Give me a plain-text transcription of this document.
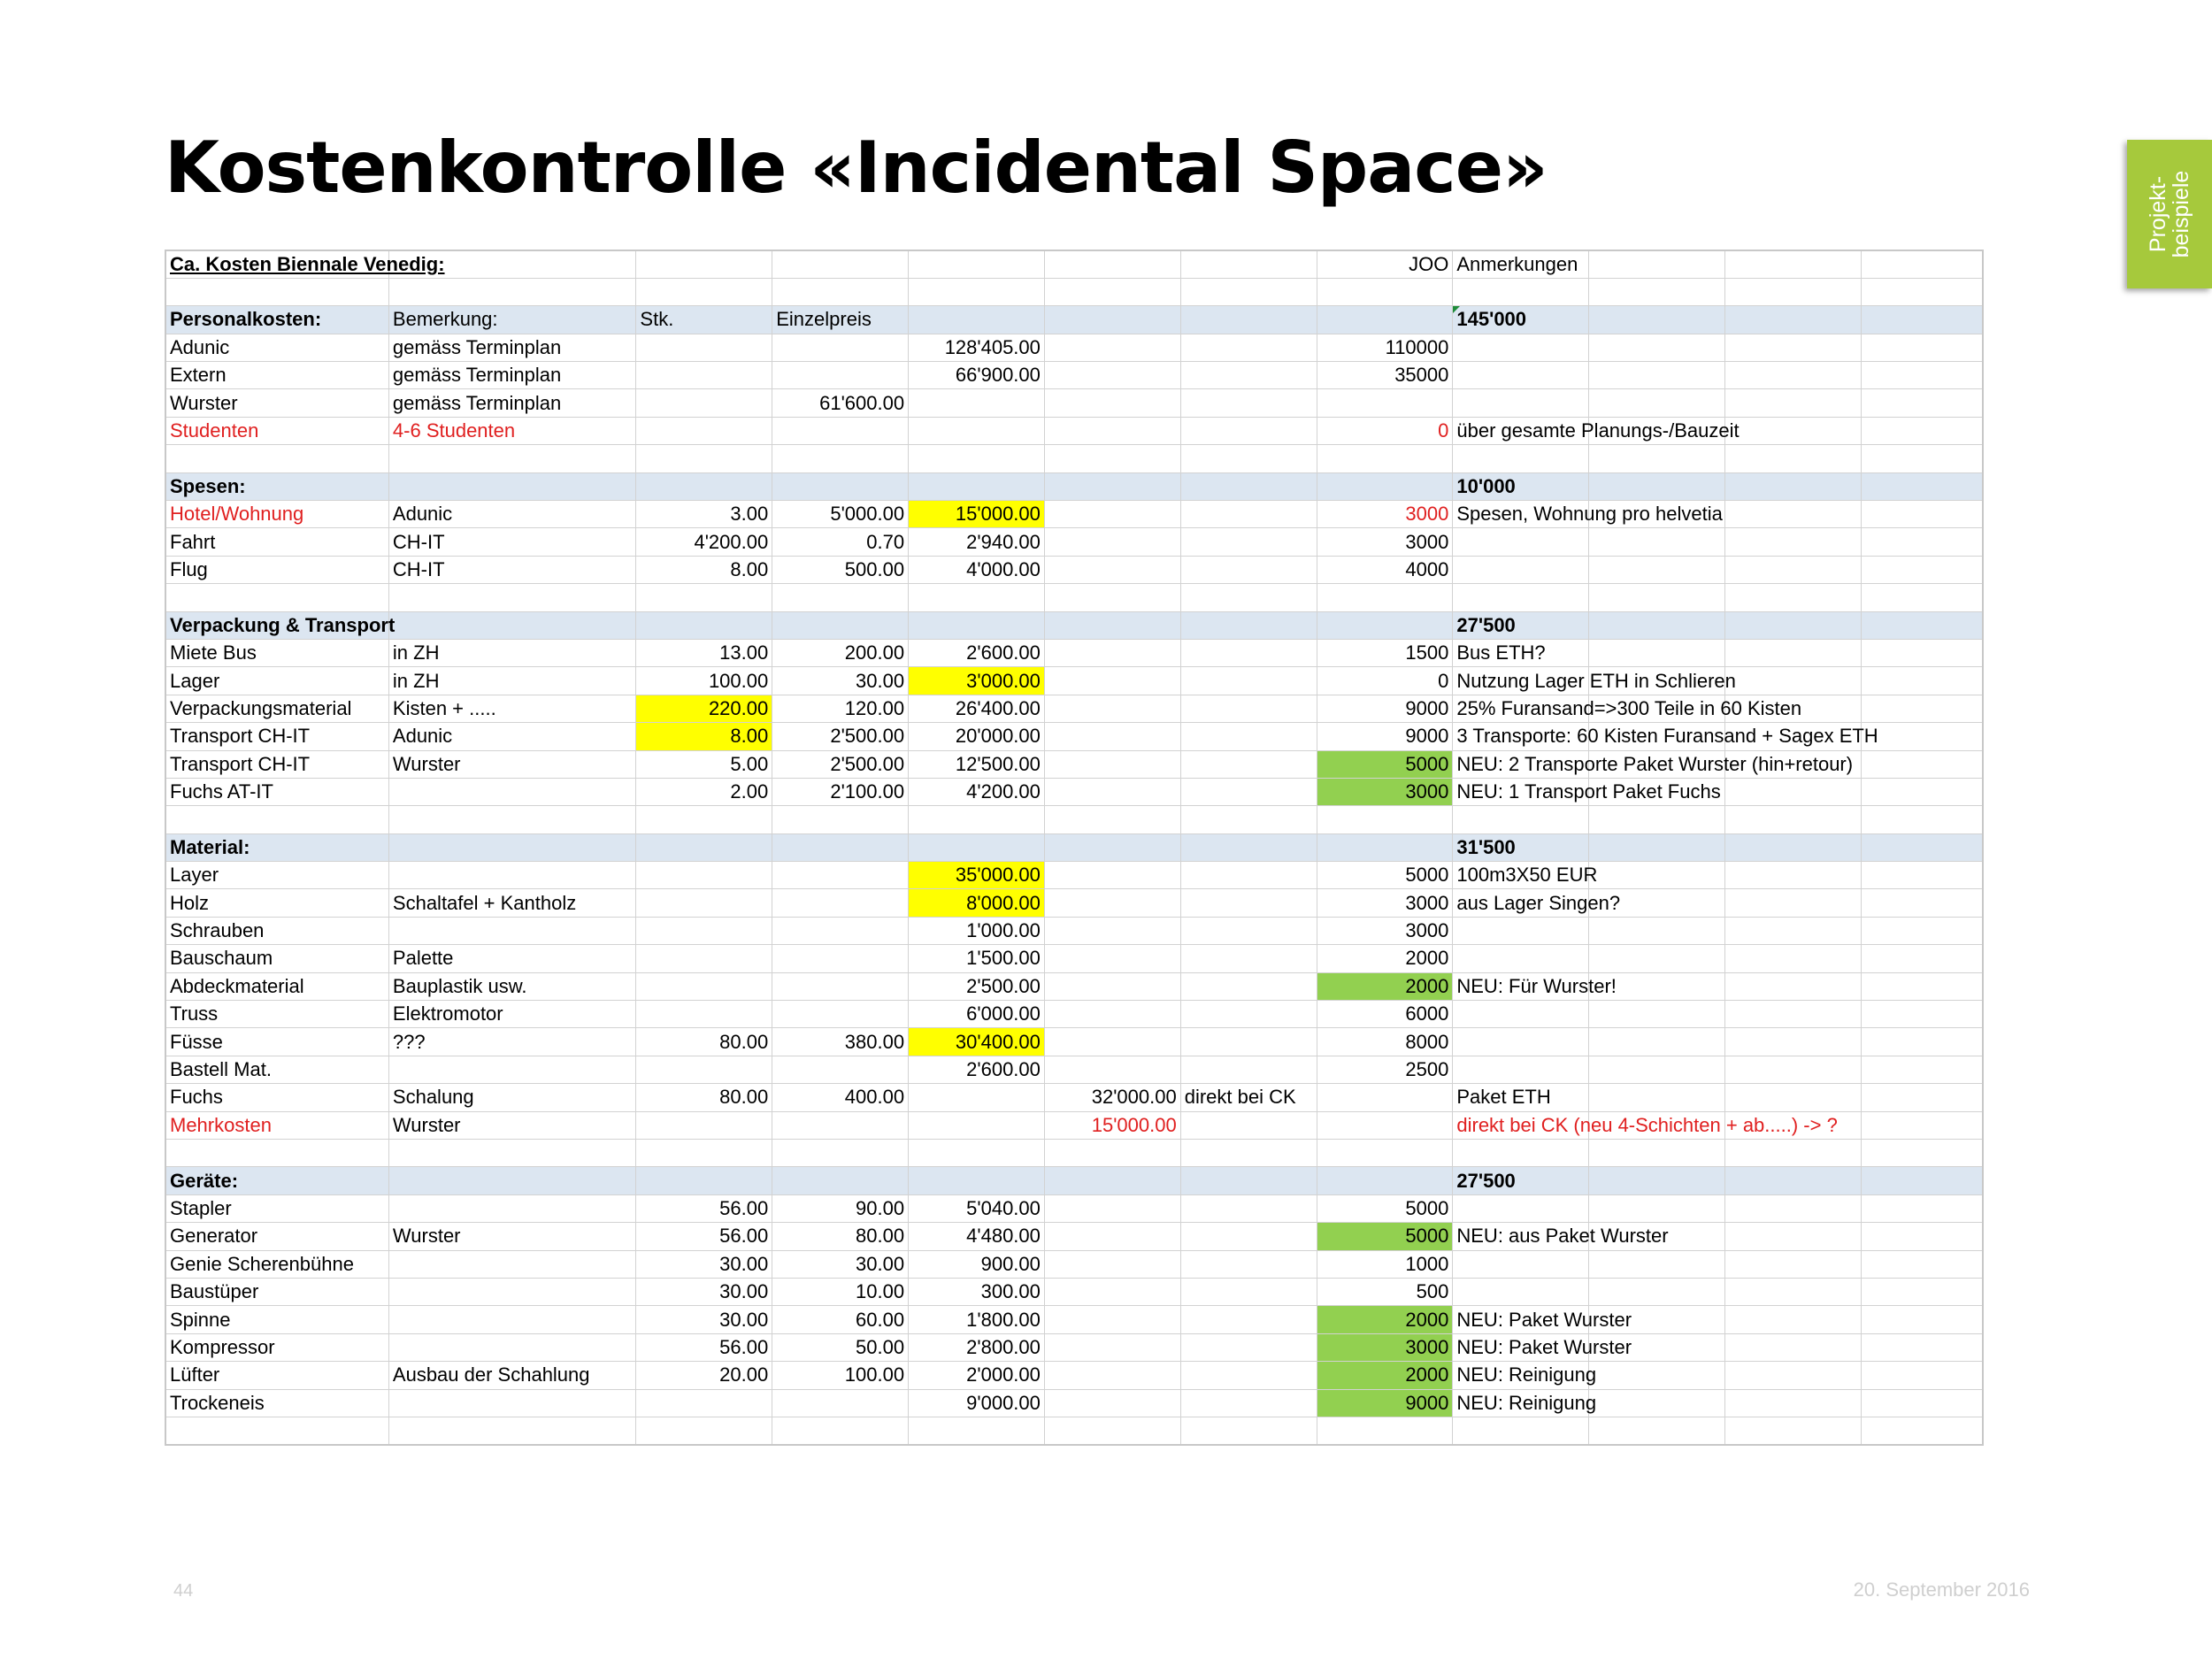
Kostenkontrolle «Incidental Space»
Projekt-
beispiele
Ca. Kosten Biennale Venedig:							JOO	Anmerkungen			

Personalkosten:	Bemerkung:	Stk.	Einzelpreis					145'000			
Adunic	gemäss Terminplan			128'405.00			110000				
Extern	gemäss Terminplan			66'900.00			35000				
Wurster	gemäss Terminplan		61'600.00								
Studenten	4-6 Studenten						0	über gesamte Planungs-/Bauzeit			

Spesen:								10'000			
Hotel/Wohnung	Adunic	3.00	5'000.00	15'000.00			3000	Spesen, Wohnung pro helvetia			
Fahrt	CH-IT	4'200.00	0.70	2'940.00			3000				
Flug	CH-IT	8.00	500.00	4'000.00			4000				

Verpackung & Transport								27'500			
Miete Bus	in ZH	13.00	200.00	2'600.00			1500	Bus ETH?			
Lager	in ZH	100.00	30.00	3'000.00			0	Nutzung Lager ETH in Schlieren			
Verpackungsmaterial	Kisten + .....	220.00	120.00	26'400.00			9000	25% Furansand=>300 Teile in 60 Kisten			
Transport CH-IT	Adunic	8.00	2'500.00	20'000.00			9000	3 Transporte: 60 Kisten Furansand + Sagex ETH			
Transport CH-IT	Wurster	5.00	2'500.00	12'500.00			5000	NEU: 2 Transporte Paket Wurster (hin+retour)			
Fuchs AT-IT		2.00	2'100.00	4'200.00			3000	NEU: 1 Transport Paket Fuchs			

Material:								31'500			
Layer				35'000.00			5000	100m3X50 EUR			
Holz	Schaltafel + Kantholz			8'000.00			3000	aus Lager Singen?			
Schrauben				1'000.00			3000				
Bauschaum	Palette			1'500.00			2000				
Abdeckmaterial	Bauplastik usw.			2'500.00			2000	NEU: Für Wurster!			
Truss	Elektromotor			6'000.00			6000				
Füsse	???	80.00	380.00	30'400.00			8000				
Bastell Mat.				2'600.00			2500				
Fuchs	Schalung	80.00	400.00		32'000.00	direkt bei CK		Paket ETH			
Mehrkosten	Wurster				15'000.00			direkt bei CK (neu 4-Schichten + ab.....) -> ?			

Geräte:								27'500			
Stapler		56.00	90.00	5'040.00			5000				
Generator	Wurster	56.00	80.00	4'480.00			5000	NEU: aus Paket Wurster			
Genie Scherenbühne		30.00	30.00	900.00			1000				
Baustüper		30.00	10.00	300.00			500				
Spinne		30.00	60.00	1'800.00			2000	NEU: Paket Wurster			
Kompressor		56.00	50.00	2'800.00			3000	NEU: Paket Wurster			
Lüfter	Ausbau der Schahlung	20.00	100.00	2'000.00			2000	NEU: Reinigung			
Trockeneis				9'000.00			9000	NEU: Reinigung			

44	20. September 2016
